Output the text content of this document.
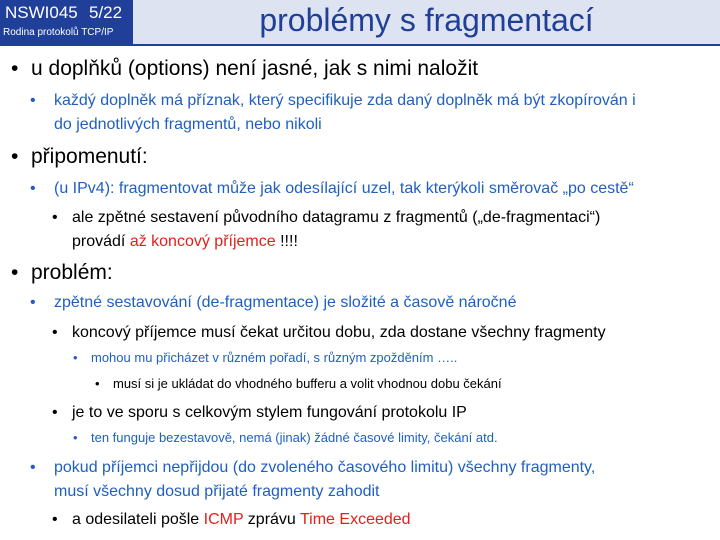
NSWI045 5/22
Rodina protokolů TCP/IP	problémy s fragmentací
• u doplňků (options) není jasné, jak s nimi naložit
• každý doplněk má příznak, který specifikuje zda daný doplněk má být zkopírován i
do jednotlivých fragmentů, nebo nikoli
• připomenutí:
• (u IPv4): fragmentovat může jak odesílající uzel, tak kterýkoli směrovač „po cestě“
• ale zpětné sestavení původního datagramu z fragmentů („de-fragmentaci“)
provádí až koncový příjemce !!!!
• problém:
• zpětné sestavování (de-fragmentace) je složité a časově náročné
• koncový příjemce musí čekat určitou dobu, zda dostane všechny fragmenty
• mohou mu přicházet v různém pořadí, s různým zpožděním …..
• musí si je ukládat do vhodného bufferu a volit vhodnou dobu čekání
• je to ve sporu s celkovým stylem fungování protokolu IP
• ten funguje bezestavově, nemá (jinak) žádné časové limity, čekání atd.
• pokud příjemci nepřijdou (do zvoleného časového limitu) všechny fragmenty,
musí všechny dosud přijaté fragmenty zahodit
• a odesilateli pošle ICMP zprávu Time Exceeded
